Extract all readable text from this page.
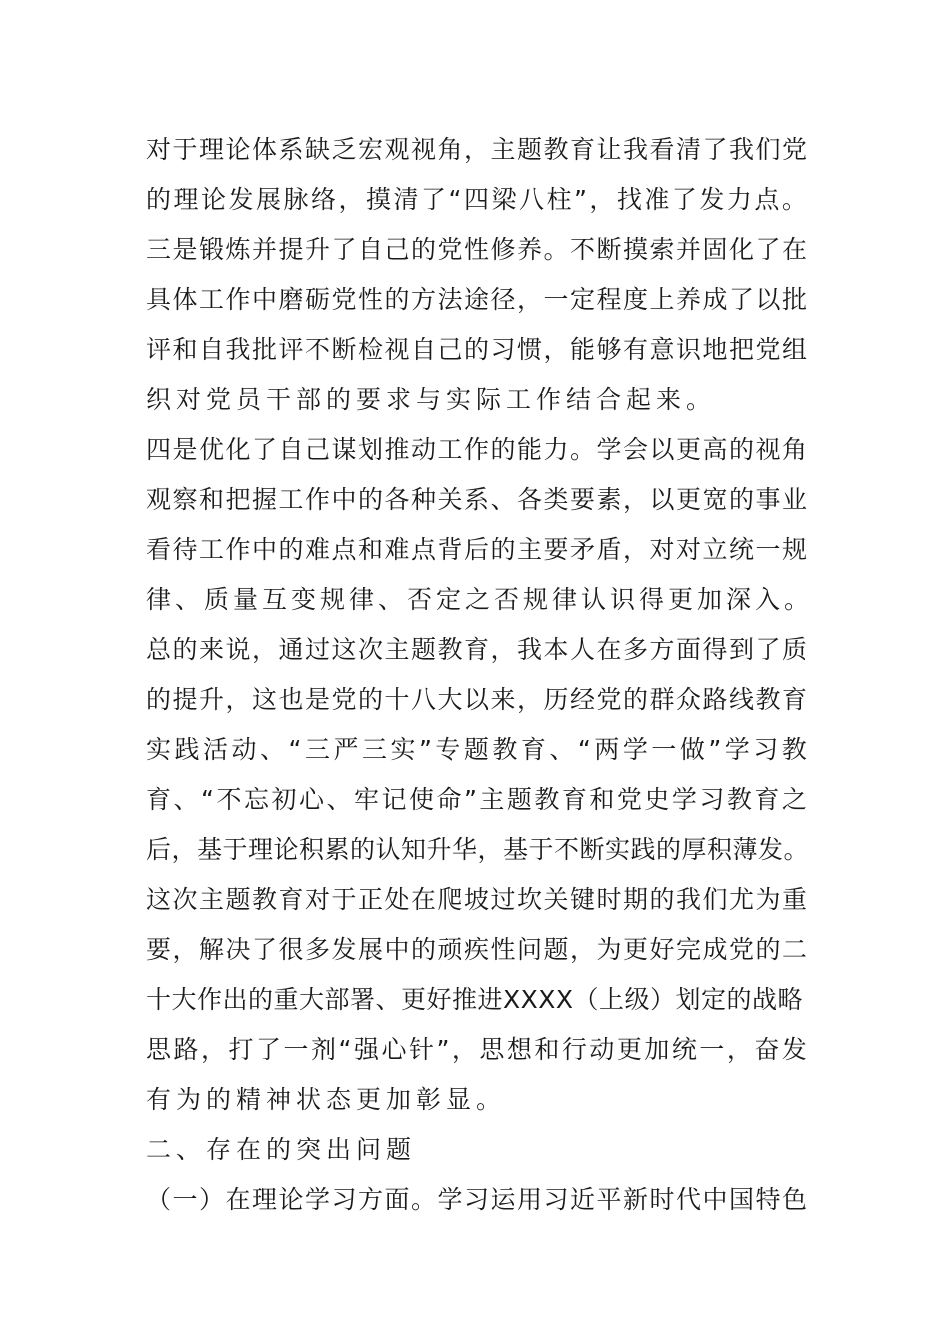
对于理论体系缺乏宏观视角，主题教育让我看清了我们党
的理论发展脉络，摸清了“四梁八柱”，找准了发力点。
三是锻炼并提升了自己的党性修养。不断摸索并固化了在
具体工作中磨砺党性的方法途径，一定程度上养成了以批
评和自我批评不断检视自己的习惯，能够有意识地把党组
织对党员干部的要求与实际工作结合起来。
四是优化了自己谋划推动工作的能力。学会以更高的视角
观察和把握工作中的各种关系、各类要素，以更宽的事业
看待工作中的难点和难点背后的主要矛盾，对对立统一规
律、质量互变规律、否定之否规律认识得更加深入。
总的来说，通过这次主题教育，我本人在多方面得到了质
的提升，这也是党的十八大以来，历经党的群众路线教育
实践活动、“三严三实”专题教育、“两学一做”学习教
育、“不忘初心、牢记使命”主题教育和党史学习教育之
后，基于理论积累的认知升华，基于不断实践的厚积薄发。
这次主题教育对于正处在爬坡过坎关键时期的我们尤为重
要，解决了很多发展中的顽疾性问题，为更好完成党的二
十大作出的重大部署、更好推进XXXX（上级）划定的战略
思路，打了一剂“强心针”，思想和行动更加统一，奋发
有为的精神状态更加彰显。
二、存在的突出问题
（一）在理论学习方面。学习运用习近平新时代中国特色
